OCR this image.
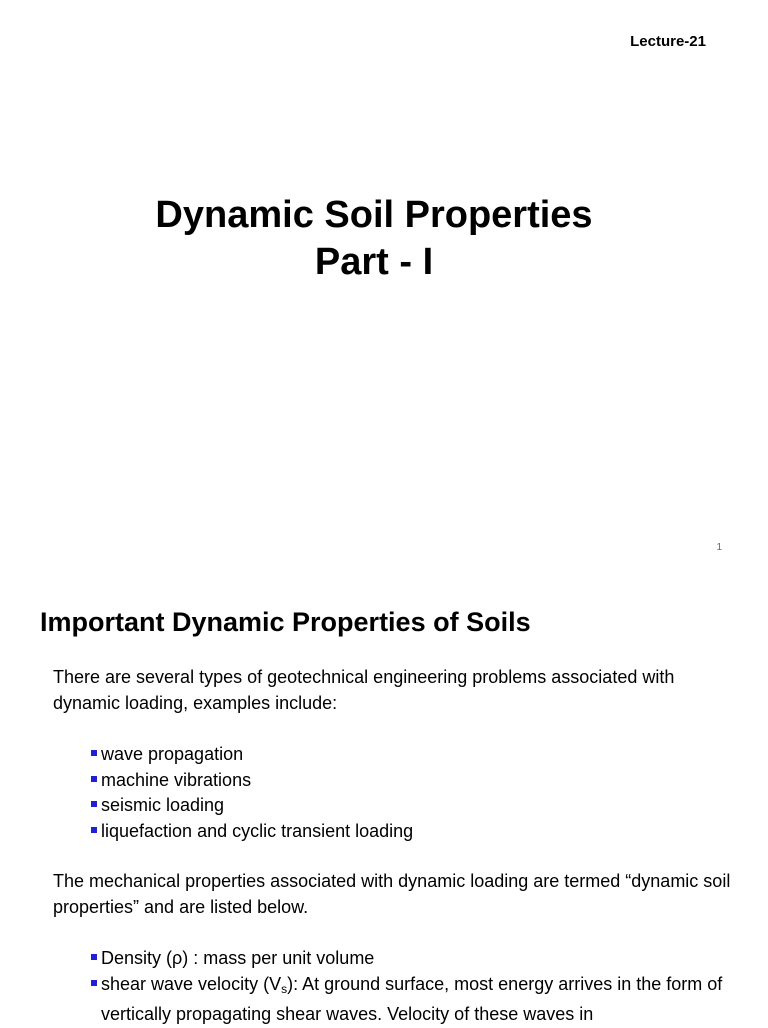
Lecture-21
Dynamic Soil Properties
Part - I
1
Important Dynamic Properties of Soils

There are several types of geotechnical engineering problems associated with dynamic loading, examples include:

wave propagation
machine vibrations
seismic loading
liquefaction and cyclic transient loading

The mechanical properties associated with dynamic loading are termed “dynamic soil properties” and are listed below.

Density (ρ) : mass per unit volume
shear wave velocity $(V_s)$: At ground surface, most energy arrives in the form of vertically propagating shear waves. Velocity of these waves in
